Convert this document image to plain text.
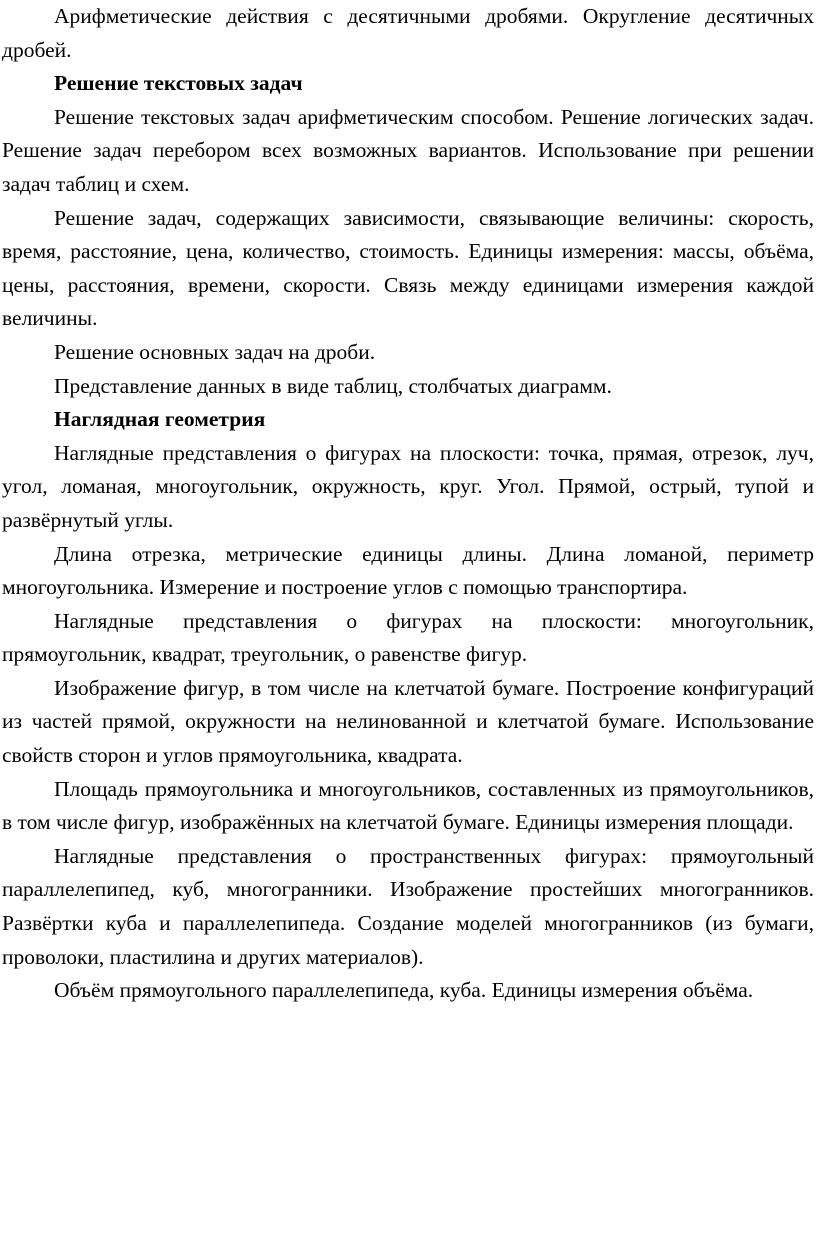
Арифметические действия с десятичными дробями. Округление десятичных дробей.

Решение текстовых задач

Решение текстовых задач арифметическим способом. Решение логических задач. Решение задач перебором всех возможных вариантов. Использование при решении задач таблиц и схем.

Решение задач, содержащих зависимости, связывающие величины: скорость, время, расстояние, цена, количество, стоимость. Единицы измерения: массы, объёма, цены, расстояния, времени, скорости. Связь между единицами измерения каждой величины.

Решение основных задач на дроби.

Представление данных в виде таблиц, столбчатых диаграмм.

Наглядная геометрия

Наглядные представления о фигурах на плоскости: точка, прямая, отрезок, луч, угол, ломаная, многоугольник, окружность, круг. Угол. Прямой, острый, тупой и развёрнутый углы.

Длина отрезка, метрические единицы длины. Длина ломаной, периметр многоугольника. Измерение и построение углов с помощью транспортира.

Наглядные представления о фигурах на плоскости: многоугольник, прямоугольник, квадрат, треугольник, о равенстве фигур.

Изображение фигур, в том числе на клетчатой бумаге. Построение конфигураций из частей прямой, окружности на нелинованной и клетчатой бумаге. Использование свойств сторон и углов прямоугольника, квадрата.

Площадь прямоугольника и многоугольников, составленных из прямоугольников, в том числе фигур, изображённых на клетчатой бумаге. Единицы измерения площади.

Наглядные представления о пространственных фигурах: прямоугольный параллелепипед, куб, многогранники. Изображение простейших многогранников. Развёртки куба и параллелепипеда. Создание моделей многогранников (из бумаги, проволоки, пластилина и других материалов).

Объём прямоугольного параллелепипеда, куба. Единицы измерения объёма.
